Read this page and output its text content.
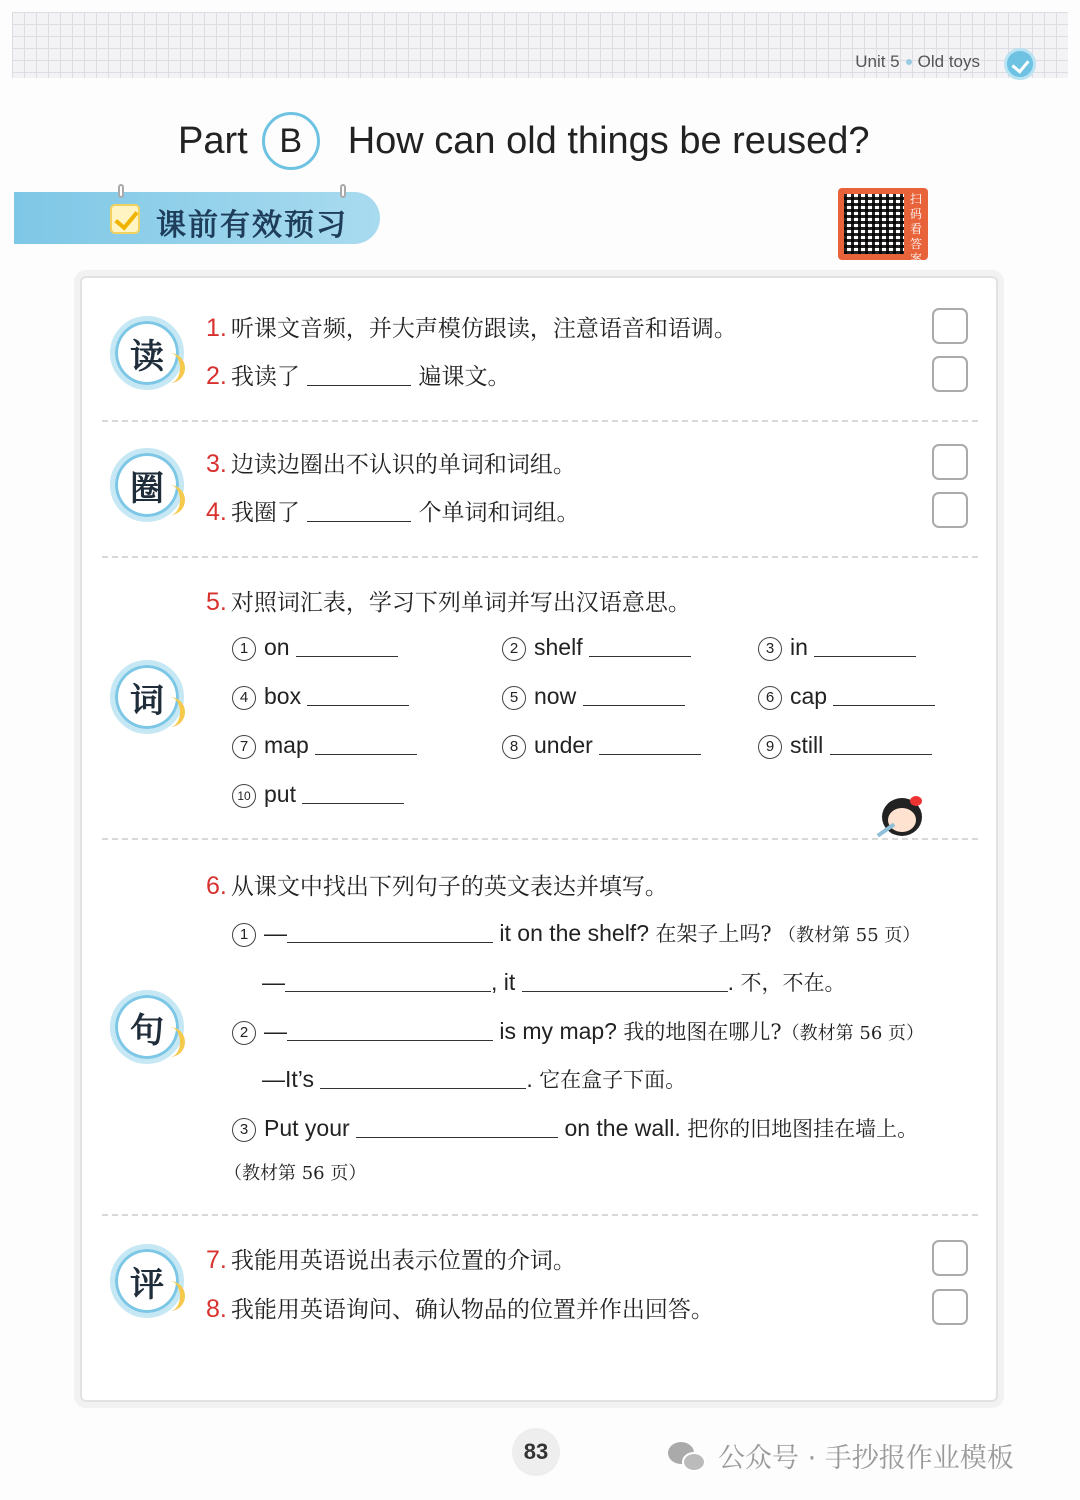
Unit 5 Old toys
Part B	How can old things be reused?
课前有效预习
扫码看答案
读
1. 听课文音频，并大声模仿跟读，注意语音和语调。
2. 我读了	遍课文。
圈
3. 边读边圈出不认识的单词和词组。
4. 我圈了	个单词和词组。
词
5. 对照词汇表，学习下列单词并写出汉语意思。
1 on	2 shelf	3 in
4 box	5 now	6 cap
7 map	8 under	9 still
10 put
句
6. 从课文中找出下列句子的英文表达并填写。
1 —	it on the shelf? 在架子上吗? （教材第 55 页）
—	, it	. 不，不在。
2 —	is my map? 我的地图在哪儿?（教材第 56 页）
—It’s	. 它在盒子下面。
3 Put your	on the wall. 把你的旧地图挂在墙上。
（教材第 56 页）
评
7. 我能用英语说出表示位置的介词。
8. 我能用英语询问、确认物品的位置并作出回答。
83	公众号 · 手抄报作业模板
